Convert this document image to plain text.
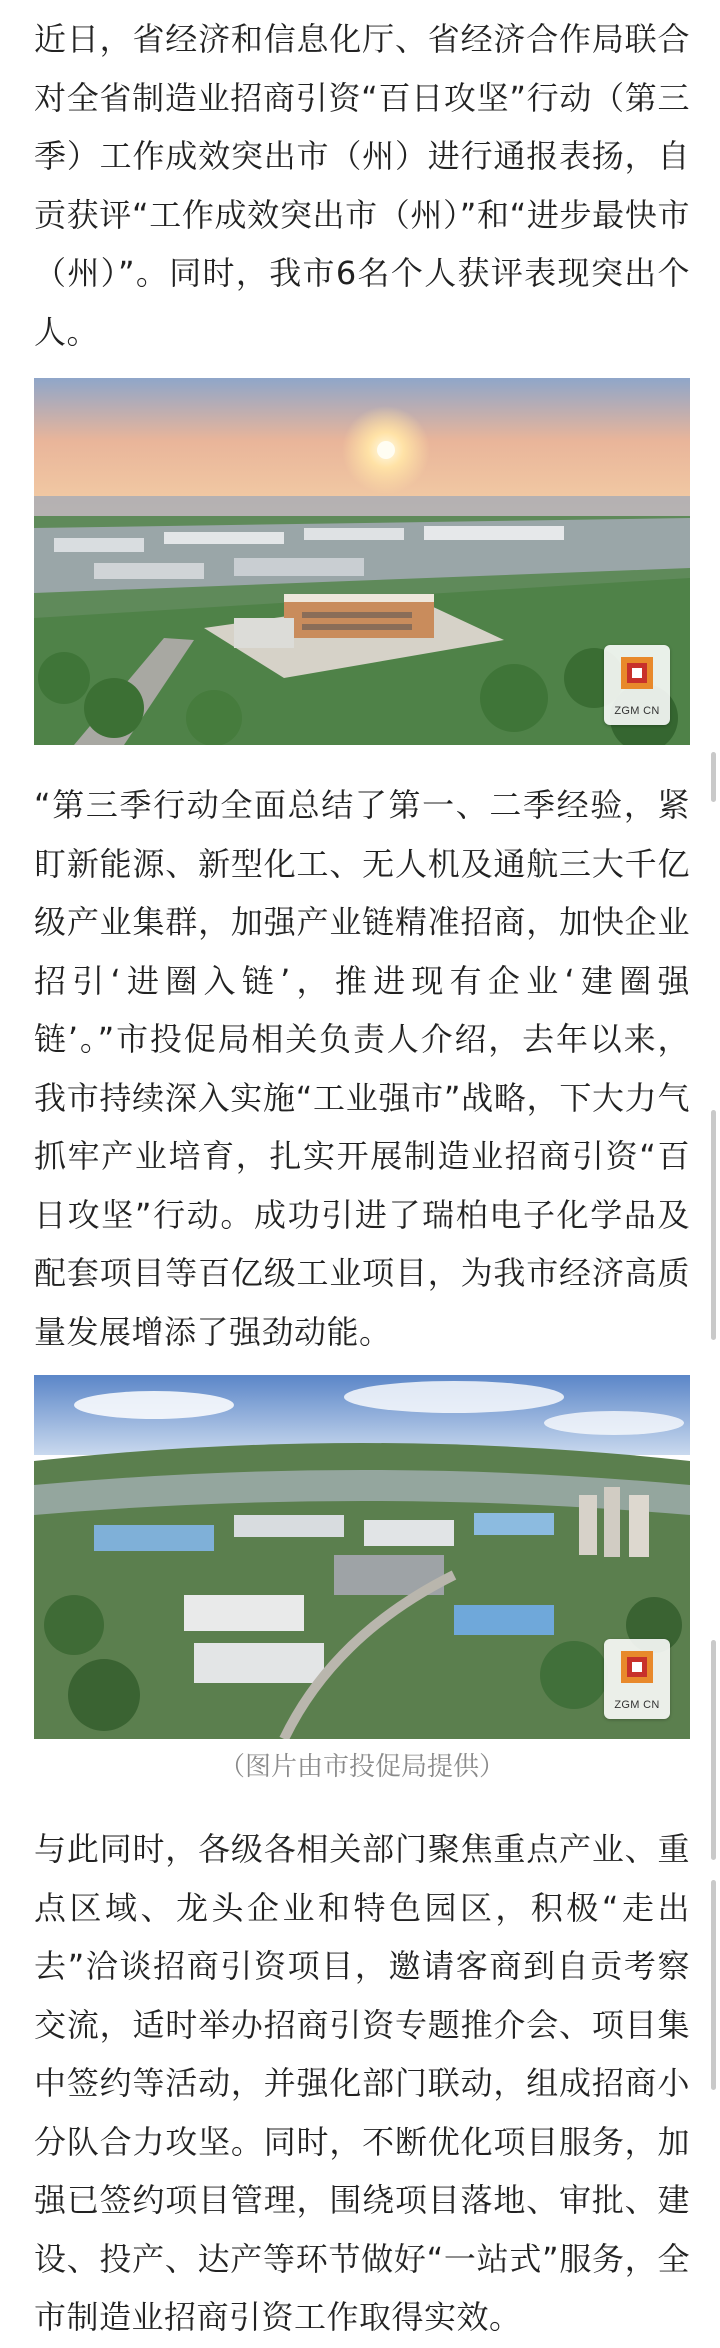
近日，省经济和信息化厅、省经济合作局联合对全省制造业招商引资“百日攻坚”行动（第三季）工作成效突出市（州）进行通报表扬，自贡获评“工作成效突出市（州）”和“进步最快市（州）”。同时，我市6名个人获评表现突出个人。

ZGM CN

“第三季行动全面总结了第一、二季经验，紧盯新能源、新型化工、无人机及通航三大千亿级产业集群，加强产业链精准招商，加快企业招引‘进圈入链’，推进现有企业‘建圈强链’。”市投促局相关负责人介绍，去年以来，我市持续深入实施“工业强市”战略，下大力气抓牢产业培育，扎实开展制造业招商引资“百日攻坚”行动。成功引进了瑞柏电子化学品及配套项目等百亿级工业项目，为我市经济高质量发展增添了强劲动能。

ZGM CN
（图片由市投促局提供）

与此同时，各级各相关部门聚焦重点产业、重点区域、龙头企业和特色园区，积极“走出去”洽谈招商引资项目，邀请客商到自贡考察交流，适时举办招商引资专题推介会、项目集中签约等活动，并强化部门联动，组成招商小分队合力攻坚。同时，不断优化项目服务，加强已签约项目管理，围绕项目落地、审批、建设、投产、达产等环节做好“一站式”服务，全市制造业招商引资工作取得实效。
